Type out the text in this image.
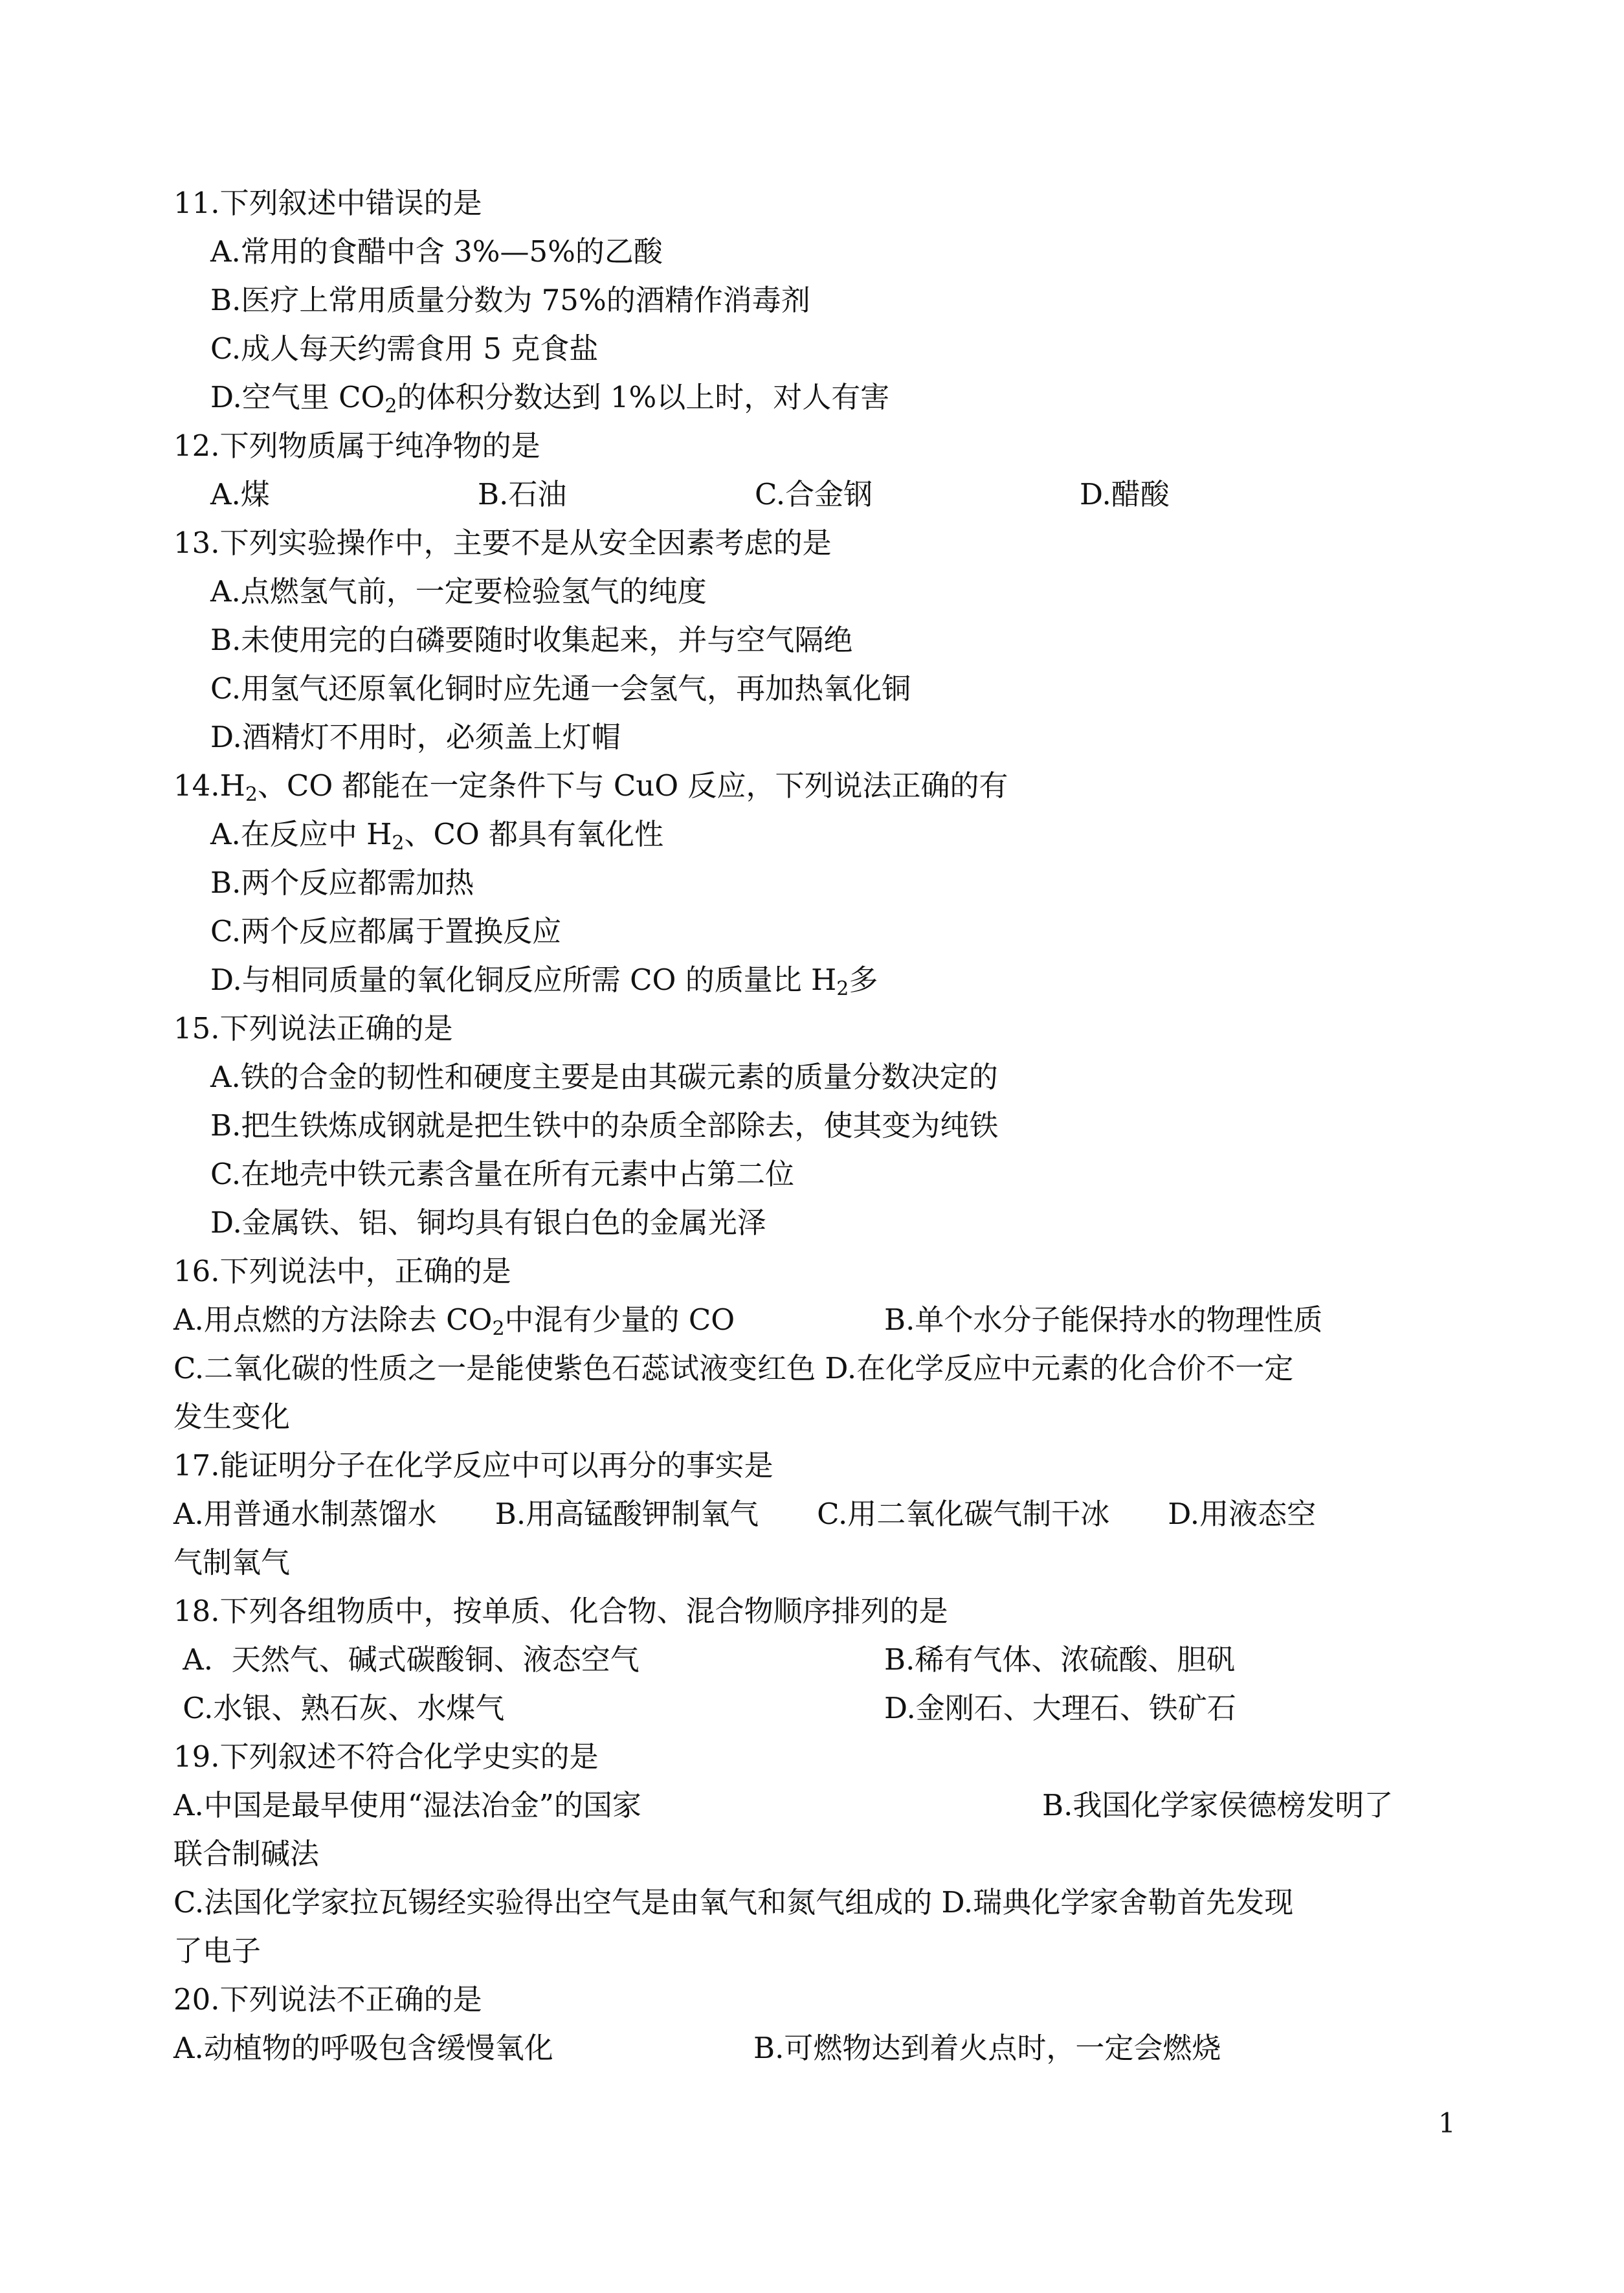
11.下列叙述中错误的是
A.常用的食醋中含 3%—5%的乙酸
B.医疗上常用质量分数为 75%的酒精作消毒剂
C.成人每天约需食用 5 克食盐
D.空气里 $CO_2$的体积分数达到 1%以上时，对人有害
12.下列物质属于纯净物的是
A.煤	B.石油	C.合金钢	D.醋酸
13.下列实验操作中，主要不是从安全因素考虑的是
A.点燃氢气前，一定要检验氢气的纯度
B.未使用完的白磷要随时收集起来，并与空气隔绝
C.用氢气还原氧化铜时应先通一会氢气，再加热氧化铜
D.酒精灯不用时，必须盖上灯帽
$14.H_2$、CO 都能在一定条件下与 CuO 反应，下列说法正确的有
A.在反应中 $H_2$、CO 都具有氧化性
B.两个反应都需加热
C.两个反应都属于置换反应
D.与相同质量的氧化铜反应所需 CO 的质量比 $H_2$多
15.下列说法正确的是
A.铁的合金的韧性和硬度主要是由其碳元素的质量分数决定的
B.把生铁炼成钢就是把生铁中的杂质全部除去，使其变为纯铁
C.在地壳中铁元素含量在所有元素中占第二位
D.金属铁、铝、铜均具有银白色的金属光泽
16.下列说法中，正确的是
A.用点燃的方法除去 $CO_2$中混有少量的 CO	B.单个水分子能保持水的物理性质
C.二氧化碳的性质之一是能使紫色石蕊试液变红色 D.在化学反应中元素的化合价不一定
发生变化
17.能证明分子在化学反应中可以再分的事实是
A.用普通水制蒸馏水　　B.用高锰酸钾制氧气　　C.用二氧化碳气制干冰　　D.用液态空
气制氧气
18.下列各组物质中，按单质、化合物、混合物顺序排列的是
A.  天然气、碱式碳酸铜、液态空气	B.稀有气体、浓硫酸、胆矾
C.水银、熟石灰、水煤气	D.金刚石、大理石、铁矿石
19.下列叙述不符合化学史实的是
A.中国是最早使用“湿法冶金”的国家	B.我国化学家侯德榜发明了
联合制碱法
C.法国化学家拉瓦锡经实验得出空气是由氧气和氮气组成的 D.瑞典化学家舍勒首先发现
了电子
20.下列说法不正确的是
A.动植物的呼吸包含缓慢氧化	B.可燃物达到着火点时，一定会燃烧
1
